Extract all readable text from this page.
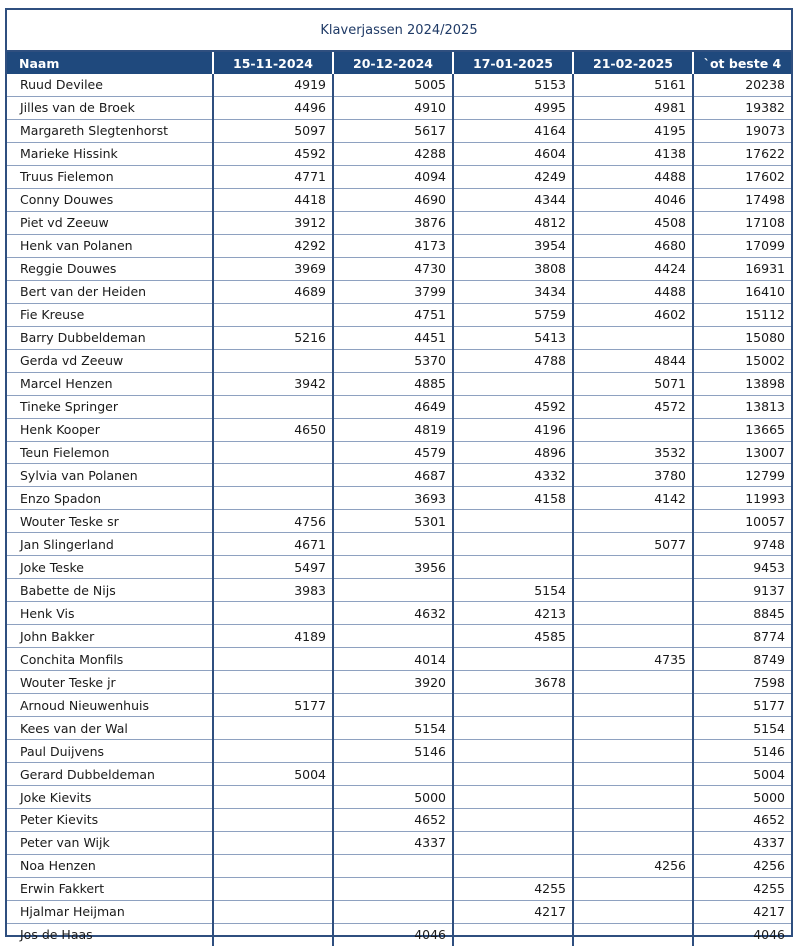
Klaverjassen 2024/2025
Naam	15-11-2024	20-12-2024	17-01-2025	21-02-2025	`ot beste 4
Ruud Devilee	4919	5005	5153	5161	20238
Jilles van de Broek	4496	4910	4995	4981	19382
Margareth Slegtenhorst	5097	5617	4164	4195	19073
Marieke Hissink	4592	4288	4604	4138	17622
Truus Fielemon	4771	4094	4249	4488	17602
Conny Douwes	4418	4690	4344	4046	17498
Piet vd Zeeuw	3912	3876	4812	4508	17108
Henk van Polanen	4292	4173	3954	4680	17099
Reggie Douwes	3969	4730	3808	4424	16931
Bert van der Heiden	4689	3799	3434	4488	16410
Fie Kreuse		4751	5759	4602	15112
Barry Dubbeldeman	5216	4451	5413		15080
Gerda vd Zeeuw		5370	4788	4844	15002
Marcel Henzen	3942	4885		5071	13898
Tineke Springer		4649	4592	4572	13813
Henk Kooper	4650	4819	4196		13665
Teun Fielemon		4579	4896	3532	13007
Sylvia van Polanen		4687	4332	3780	12799
Enzo Spadon		3693	4158	4142	11993
Wouter Teske sr	4756	5301			10057
Jan Slingerland	4671			5077	9748
Joke Teske	5497	3956			9453
Babette de Nijs	3983		5154		9137
Henk Vis		4632	4213		8845
John Bakker	4189		4585		8774
Conchita Monfils		4014		4735	8749
Wouter Teske jr		3920	3678		7598
Arnoud Nieuwenhuis	5177				5177
Kees van der Wal		5154			5154
Paul Duijvens		5146			5146
Gerard Dubbeldeman	5004				5004
Joke Kievits		5000			5000
Peter Kievits		4652			4652
Peter van Wijk		4337			4337
Noa Henzen				4256	4256
Erwin Fakkert			4255		4255
Hjalmar Heijman			4217		4217
Jos de Haas		4046			4046
